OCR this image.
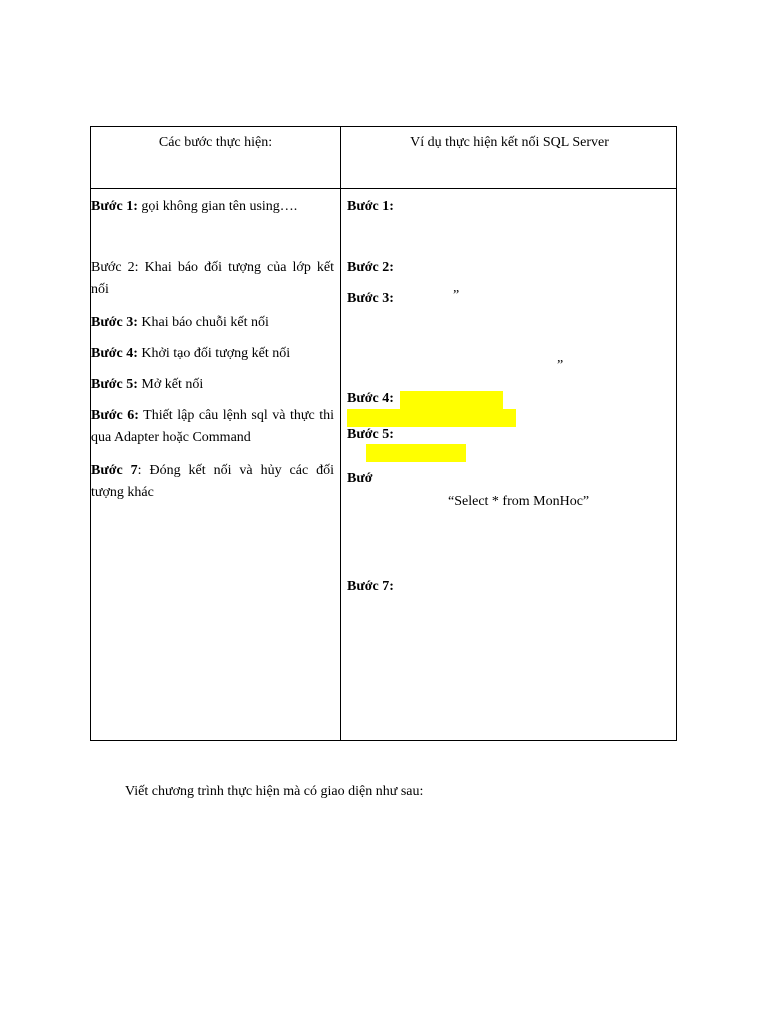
Các bước thực hiện:	Ví dụ thực hiện kết nối SQL Server
Bước 1: gọi không gian tên using….
Bước 2: Khai báo đối tượng của lớp kết nối
Bước 3: Khai báo chuỗi kết nối
Bước 4: Khởi tạo đối tượng kết nối
Bước 5: Mở kết nối
Bước 6: Thiết lập câu lệnh sql và thực thi qua Adapter hoặc Command
Bước 7: Đóng kết nối và hủy các đối tượng khác
Bước 1:
Bước 2:
Bước 3:	”
”
Bước 4:
Bước 5:
Bướ
“Select * from MonHoc”
Bước 7:
Viết chương trình thực hiện mà có giao diện như sau:
